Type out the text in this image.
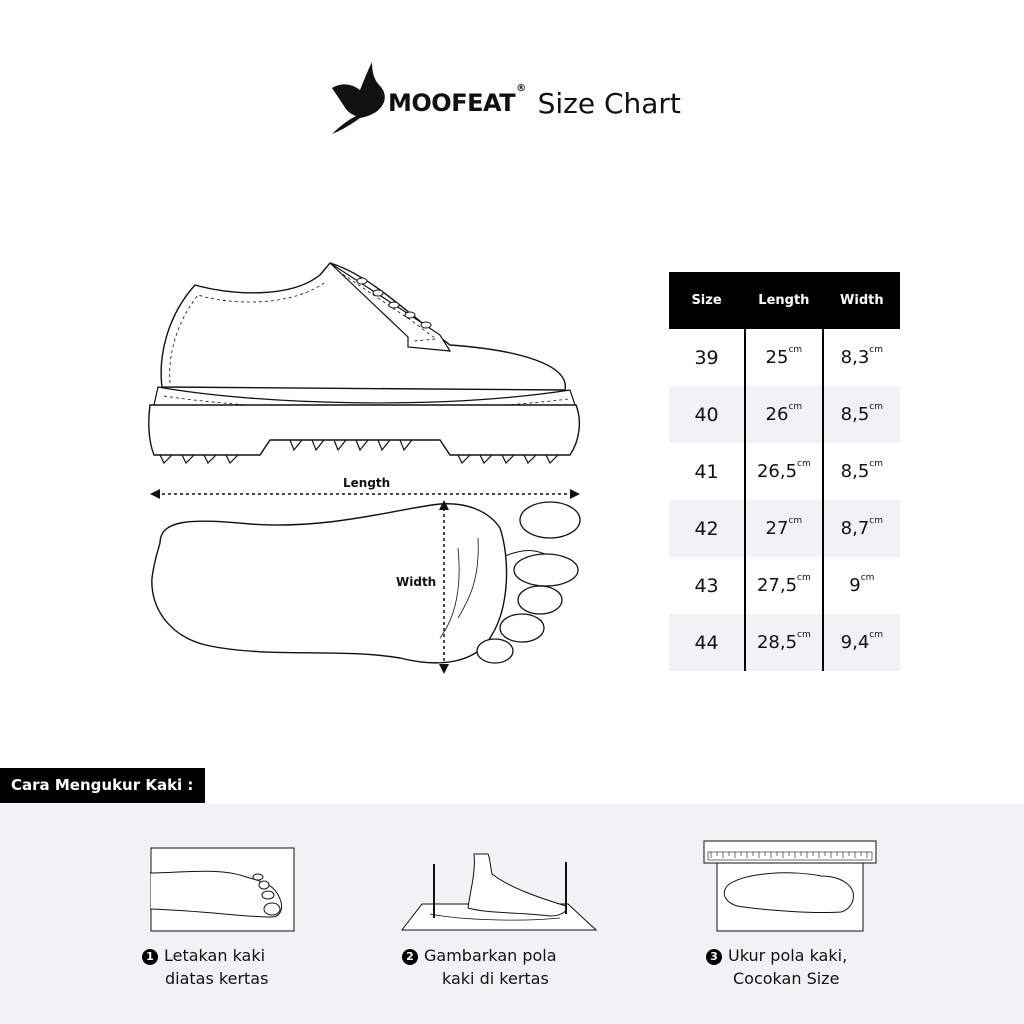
MOOFEAT® Size Chart
Length
Width
Size	Length	Width
39	$25^{cm}$	$8,3^{cm}$
40	$26^{cm}$	$8,5^{cm}$
41	$26,5^{cm}$	$8,5^{cm}$
42	$27^{cm}$	$8,7^{cm}$
43	$27,5^{cm}$	$9^{cm}$
44	$28,5^{cm}$	$9,4^{cm}$
Cara Mengukur Kaki :
1 Letakan kaki
diatas kertas
2 Gambarkan pola
kaki di kertas
3 Ukur pola kaki,
Cocokan Size
